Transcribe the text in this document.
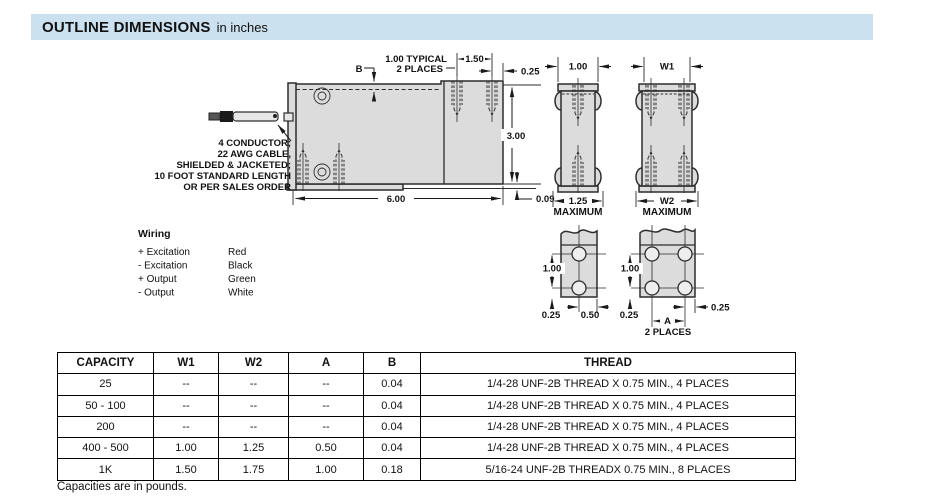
OUTLINE DIMENSIONS in inches
4 CONDUCTOR;
22 AWG CABLE,
SHIELDED & JACKETED;
10 FOOT STANDARD LENGTH
OR PER SALES ORDER
B
1.00 TYPICAL
2 PLACES
1.50
0.25
3.00
0.09
6.00
1.00
1.25
MAXIMUM
W1
W2
MAXIMUM
1.00
0.25 0.50
1.00
0.25
A
2 PLACES
0.25
Wiring
+ Excitation	Red
- Excitation	Black
+ Output	Green
- Output	White
CAPACITY	W1	W2	A	B	THREAD
25	--	--	--	0.04	1/4-28 UNF-2B THREAD X 0.75 MIN., 4 PLACES
50 - 100	--	--	--	0.04	1/4-28 UNF-2B THREAD X 0.75 MIN., 4 PLACES
200	--	--	--	0.04	1/4-28 UNF-2B THREAD X 0.75 MIN., 4 PLACES
400 - 500	1.00	1.25	0.50	0.04	1/4-28 UNF-2B THREAD X 0.75 MIN., 4 PLACES
1K	1.50	1.75	1.00	0.18	5/16-24 UNF-2B THREADX 0.75 MIN., 8 PLACES
Capacities are in pounds.
